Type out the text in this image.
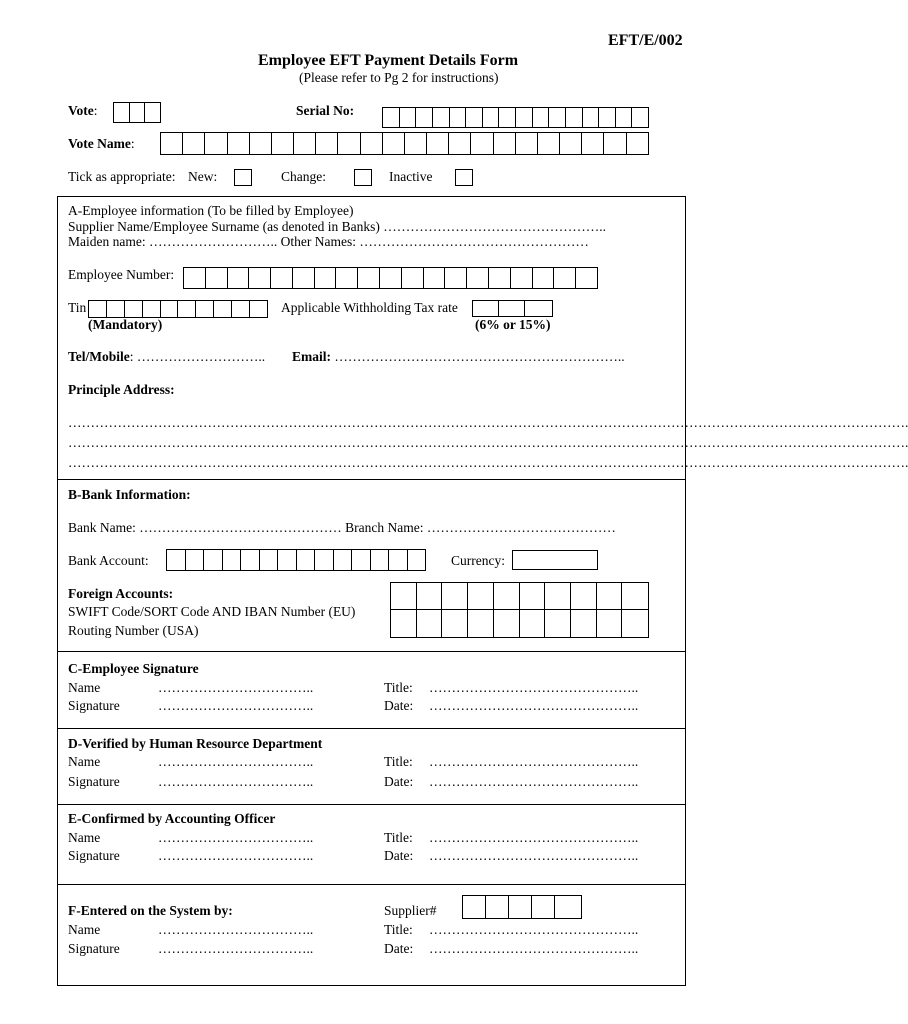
EFT/E/002
Employee EFT Payment Details Form
(Please refer to Pg 2 for instructions)
Vote:	Serial No:
Vote Name:
Tick as appropriate: New:	Change:	Inactive
A-Employee information (To be filled by Employee)
Supplier Name/Employee Surname (as denoted in Banks) …………………………………………..
Maiden name: ……………………….. Other Names: ……………………………………………
Employee Number:
Tin
(Mandatory)
Applicable Withholding Tax rate
(6% or 15%)
Tel/Mobile: ……………………….. Email: ………………………………………………………..
Principle Address:
…………………………………………………………………………………………………………………………………………………………………….
…………………………………………………………………………………………………………………………………………………………………….
…………………………………………………………………………………………………………………………………………………………………….
B-Bank Information:
Bank Name: ……………………………………… Branch Name: ……………………………………
Bank Account:	Currency:
Foreign Accounts:
SWIFT Code/SORT Code AND IBAN Number (EU)
Routing Number (USA)
C-Employee Signature
Name	……………………………..	Title: ………………………………………..
Signature	……………………………..	Date: ………………………………………..
D-Verified by Human Resource Department
Name	……………………………..	Title: ………………………………………..
Signature	……………………………..	Date: ………………………………………..
E-Confirmed by Accounting Officer
Name	……………………………..	Title: ………………………………………..
Signature	……………………………..	Date: ………………………………………..
F-Entered on the System by:	Supplier#
Name	……………………………..	Title: ………………………………………..
Signature	……………………………..	Date: ………………………………………..
